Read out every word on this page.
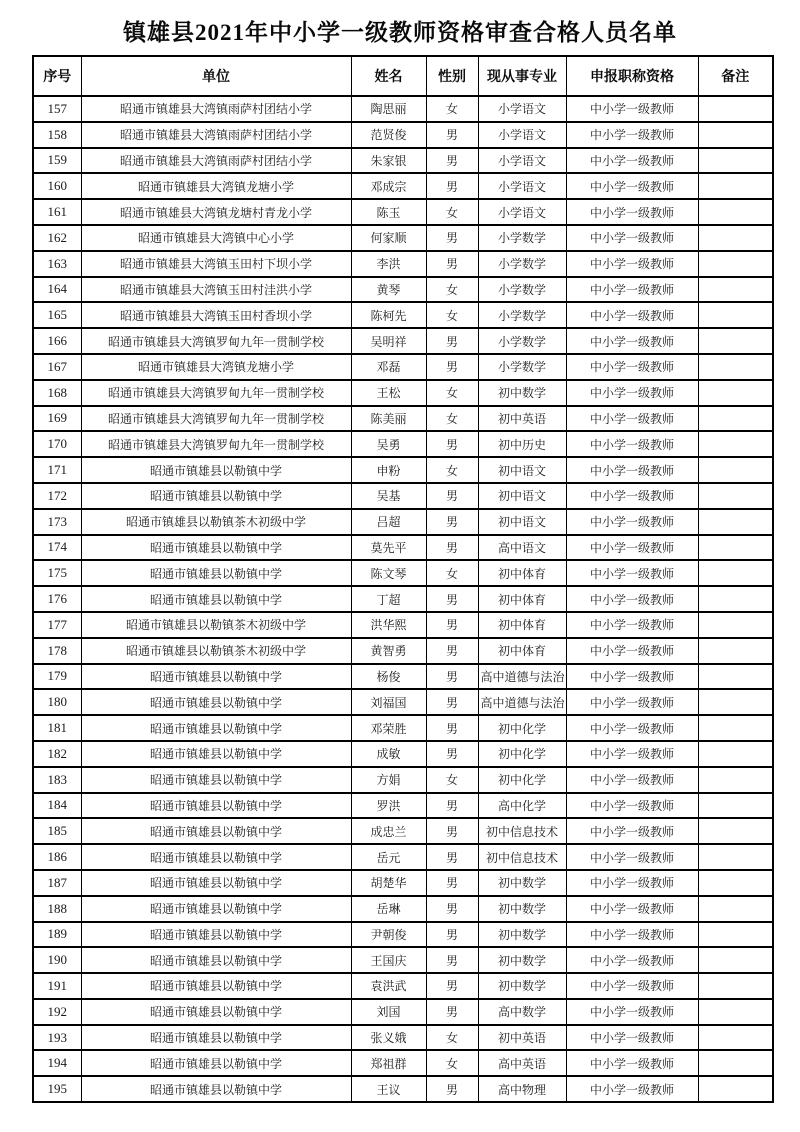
镇雄县2021年中小学一级教师资格审查合格人员名单
序号	单位	姓名	性别	现从事专业	申报职称资格	备注
157	昭通市镇雄县大湾镇雨萨村团结小学	陶思丽	女	小学语文	中小学一级教师	
158	昭通市镇雄县大湾镇雨萨村团结小学	范贤俊	男	小学语文	中小学一级教师	
159	昭通市镇雄县大湾镇雨萨村团结小学	朱家银	男	小学语文	中小学一级教师	
160	昭通市镇雄县大湾镇龙塘小学	邓成宗	男	小学语文	中小学一级教师	
161	昭通市镇雄县大湾镇龙塘村青龙小学	陈玉	女	小学语文	中小学一级教师	
162	昭通市镇雄县大湾镇中心小学	何家顺	男	小学数学	中小学一级教师	
163	昭通市镇雄县大湾镇玉田村下坝小学	李洪	男	小学数学	中小学一级教师	
164	昭通市镇雄县大湾镇玉田村洼洪小学	黄琴	女	小学数学	中小学一级教师	
165	昭通市镇雄县大湾镇玉田村香坝小学	陈柯先	女	小学数学	中小学一级教师	
166	昭通市镇雄县大湾镇罗甸九年一贯制学校	吴明祥	男	小学数学	中小学一级教师	
167	昭通市镇雄县大湾镇龙塘小学	邓磊	男	小学数学	中小学一级教师	
168	昭通市镇雄县大湾镇罗甸九年一贯制学校	王松	女	初中数学	中小学一级教师	
169	昭通市镇雄县大湾镇罗甸九年一贯制学校	陈美丽	女	初中英语	中小学一级教师	
170	昭通市镇雄县大湾镇罗甸九年一贯制学校	吴勇	男	初中历史	中小学一级教师	
171	昭通市镇雄县以勒镇中学	申粉	女	初中语文	中小学一级教师	
172	昭通市镇雄县以勒镇中学	吴基	男	初中语文	中小学一级教师	
173	昭通市镇雄县以勒镇茶木初级中学	吕超	男	初中语文	中小学一级教师	
174	昭通市镇雄县以勒镇中学	莫先平	男	高中语文	中小学一级教师	
175	昭通市镇雄县以勒镇中学	陈文琴	女	初中体育	中小学一级教师	
176	昭通市镇雄县以勒镇中学	丁超	男	初中体育	中小学一级教师	
177	昭通市镇雄县以勒镇茶木初级中学	洪华熙	男	初中体育	中小学一级教师	
178	昭通市镇雄县以勒镇茶木初级中学	黄智勇	男	初中体育	中小学一级教师	
179	昭通市镇雄县以勒镇中学	杨俊	男	高中道德与法治	中小学一级教师	
180	昭通市镇雄县以勒镇中学	刘福国	男	高中道德与法治	中小学一级教师	
181	昭通市镇雄县以勒镇中学	邓荣胜	男	初中化学	中小学一级教师	
182	昭通市镇雄县以勒镇中学	成敏	男	初中化学	中小学一级教师	
183	昭通市镇雄县以勒镇中学	方娟	女	初中化学	中小学一级教师	
184	昭通市镇雄县以勒镇中学	罗洪	男	高中化学	中小学一级教师	
185	昭通市镇雄县以勒镇中学	成忠兰	男	初中信息技术	中小学一级教师	
186	昭通市镇雄县以勒镇中学	岳元	男	初中信息技术	中小学一级教师	
187	昭通市镇雄县以勒镇中学	胡楚华	男	初中数学	中小学一级教师	
188	昭通市镇雄县以勒镇中学	岳琳	男	初中数学	中小学一级教师	
189	昭通市镇雄县以勒镇中学	尹朝俊	男	初中数学	中小学一级教师	
190	昭通市镇雄县以勒镇中学	王国庆	男	初中数学	中小学一级教师	
191	昭通市镇雄县以勒镇中学	袁洪武	男	初中数学	中小学一级教师	
192	昭通市镇雄县以勒镇中学	刘国	男	高中数学	中小学一级教师	
193	昭通市镇雄县以勒镇中学	张义娥	女	初中英语	中小学一级教师	
194	昭通市镇雄县以勒镇中学	郑祖群	女	高中英语	中小学一级教师	
195	昭通市镇雄县以勒镇中学	王议	男	高中物理	中小学一级教师	
